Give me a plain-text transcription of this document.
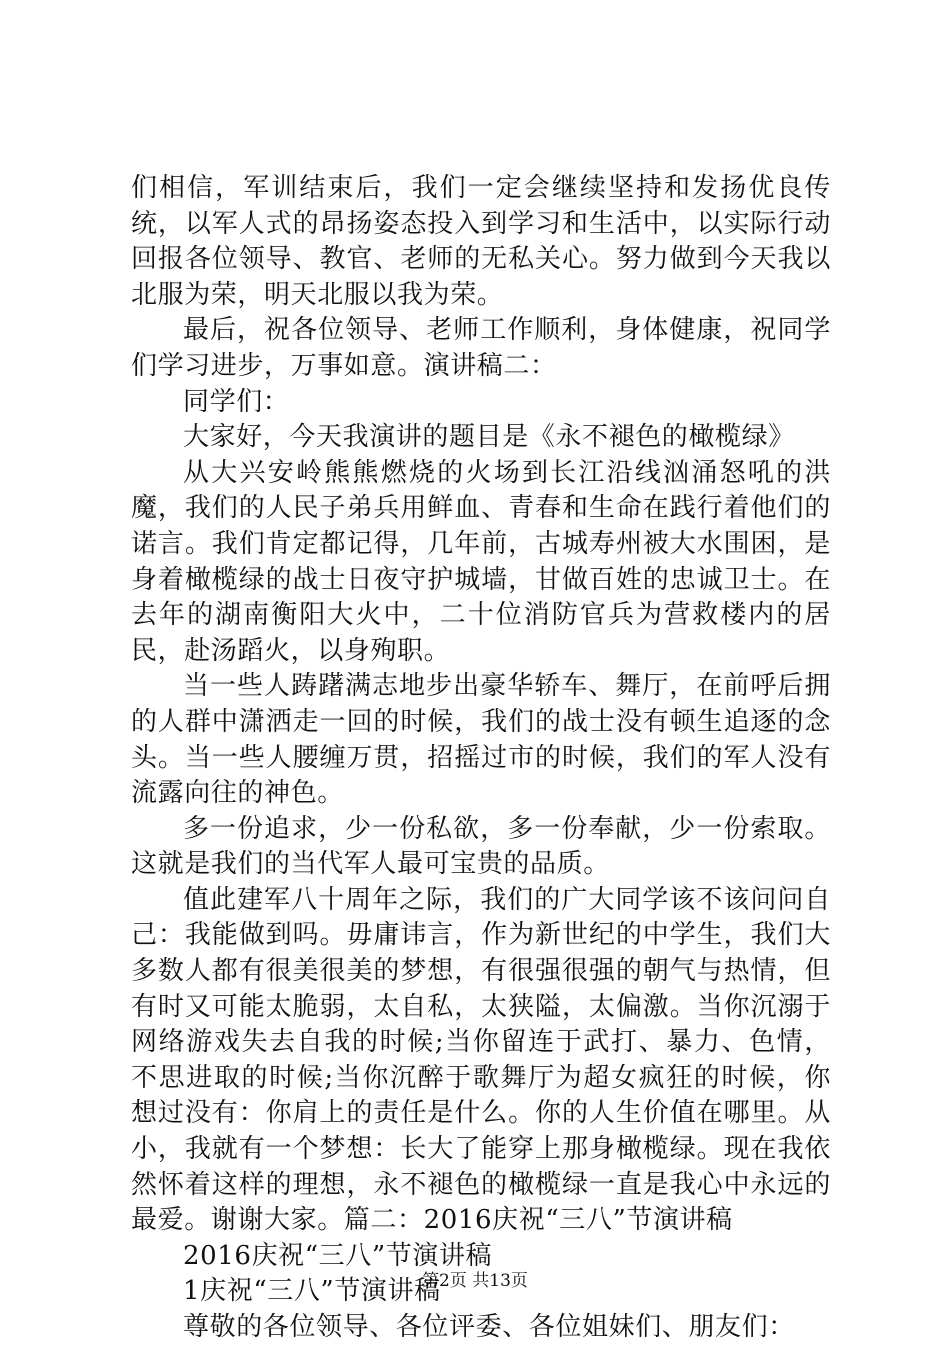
们相信，军训结束后，我们一定会继续坚持和发扬优良传统，以军人式的昂扬姿态投入到学习和生活中，以实际行动回报各位领导、教官、老师的无私关心。努力做到今天我以北服为荣，明天北服以我为荣。

最后，祝各位领导、老师工作顺利，身体健康，祝同学们学习进步，万事如意。演讲稿二：

同学们：

大家好，今天我演讲的题目是《永不褪色的橄榄绿》

从大兴安岭熊熊燃烧的火场到长江沿线汹涌怒吼的洪魔，我们的人民子弟兵用鲜血、青春和生命在践行着他们的诺言。我们肯定都记得，几年前，古城寿州被大水围困，是身着橄榄绿的战士日夜守护城墙，甘做百姓的忠诚卫士。在去年的湖南衡阳大火中，二十位消防官兵为营救楼内的居民，赴汤蹈火，以身殉职。

当一些人踌躇满志地步出豪华轿车、舞厅，在前呼后拥的人群中潇洒走一回的时候，我们的战士没有顿生追逐的念头。当一些人腰缠万贯，招摇过市的时候，我们的军人没有流露向往的神色。

多一份追求，少一份私欲，多一份奉献，少一份索取。这就是我们的当代军人最可宝贵的品质。

值此建军八十周年之际，我们的广大同学该不该问问自己：我能做到吗。毋庸讳言，作为新世纪的中学生，我们大多数人都有很美很美的梦想，有很强很强的朝气与热情，但有时又可能太脆弱，太自私，太狭隘，太偏激。当你沉溺于网络游戏失去自我的时候;当你留连于武打、暴力、色情，不思进取的时候;当你沉醉于歌舞厅为超女疯狂的时候，你想过没有：你肩上的责任是什么。你的人生价值在哪里。从小，我就有一个梦想：长大了能穿上那身橄榄绿。现在我依然怀着这样的理想，永不褪色的橄榄绿一直是我心中永远的最爱。谢谢大家。篇二：2016庆祝“三八”节演讲稿

2016庆祝“三八”节演讲稿

1庆祝“三八”节演讲稿

尊敬的各位领导、各位评委、各位姐妹们、朋友们：

第2页 共13页
